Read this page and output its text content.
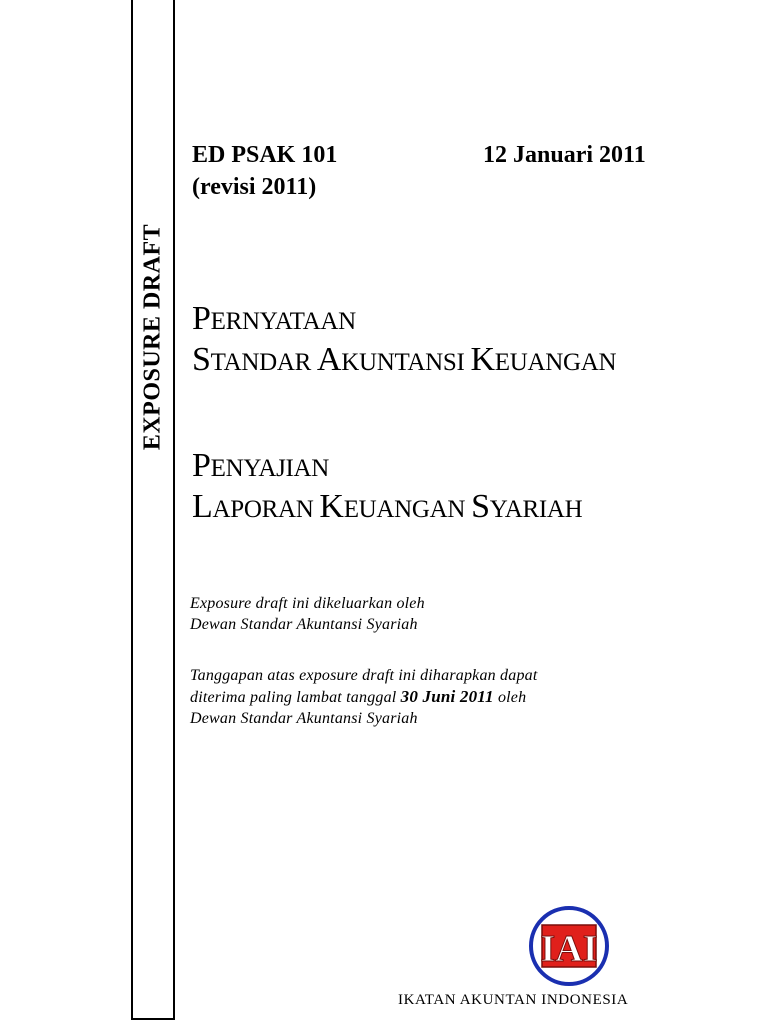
EXPOSURE DRAFT
ED PSAK 101
(revisi 2011)
12 Januari 2011
PERNYATAAN
STANDAR AKUNTANSI KEUANGAN
PENYAJIAN
LAPORAN KEUANGAN SYARIAH
Exposure draft ini dikeluarkan oleh
Dewan Standar Akuntansi Syariah
Tanggapan atas exposure draft ini diharapkan dapat
diterima paling lambat tanggal 30 Juni 2011 oleh
Dewan Standar Akuntansi Syariah
IAI
IKATAN AKUNTAN INDONESIA
